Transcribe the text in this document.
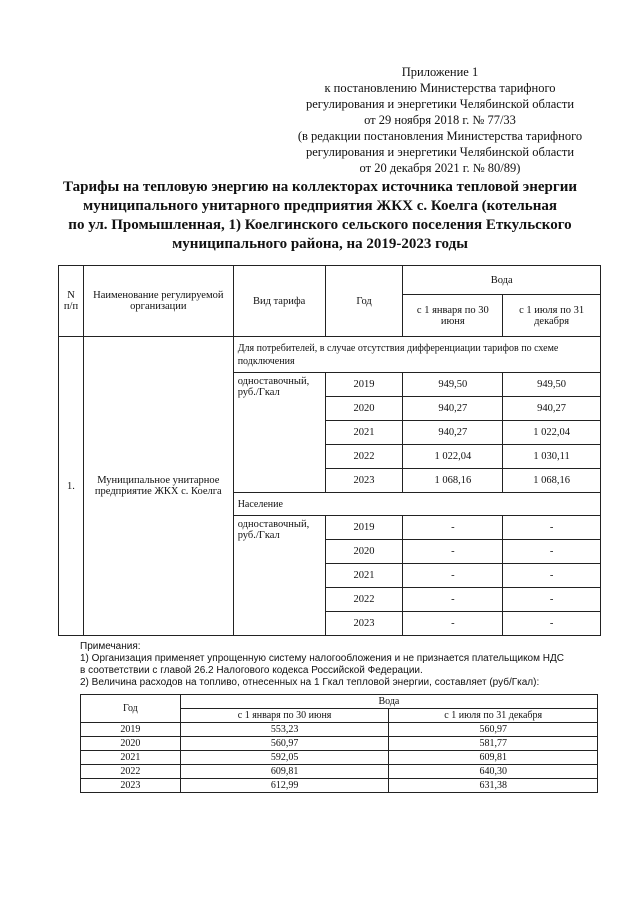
Приложение 1
к постановлению Министерства тарифного
регулирования и энергетики Челябинской области
от 29 ноября 2018 г. № 77/33
(в редакции постановления Министерства тарифного
регулирования и энергетики Челябинской области
от 20 декабря 2021 г. № 80/89)
Тарифы на тепловую энергию на коллекторах источника тепловой энергии
муниципального унитарного предприятия ЖКХ с. Коелга (котельная
по ул. Промышленная, 1) Коелгинского сельского поселения Еткульского
муниципального района, на 2019-2023 годы
N п/п	Наименование регулируемой организации	Вид тарифа	Год	Вода	
				с 1 января по 30 июня	с 1 июля по 31 декабря
1.	Муниципальное унитарное предприятие ЖКХ с. Коелга	Для потребителей, в случае отсутствия дифференциации тарифов по схеме подключения			
		одноставочный, руб./Гкал	2019	949,50	949,50
			2020	940,27	940,27
			2021	940,27	1 022,04
			2022	1 022,04	1 030,11
			2023	1 068,16	1 068,16
		Население			
		одноставочный, руб./Гкал	2019	-	-
			2020	-	-
			2021	-	-
			2022	-	-
			2023	-	-
Примечания:
1) Организация применяет упрощенную систему налогообложения и не признается плательщиком НДС
в соответствии с главой 26.2 Налогового кодекса Российской Федерации.
2) Величина расходов на топливо, отнесенных на 1 Гкал тепловой энергии, составляет (руб/Гкал):
Год	Вода	
	с 1 января по 30 июня	с 1 июля по 31 декабря
2019	553,23	560,97
2020	560,97	581,77
2021	592,05	609,81
2022	609,81	640,30
2023	612,99	631,38
